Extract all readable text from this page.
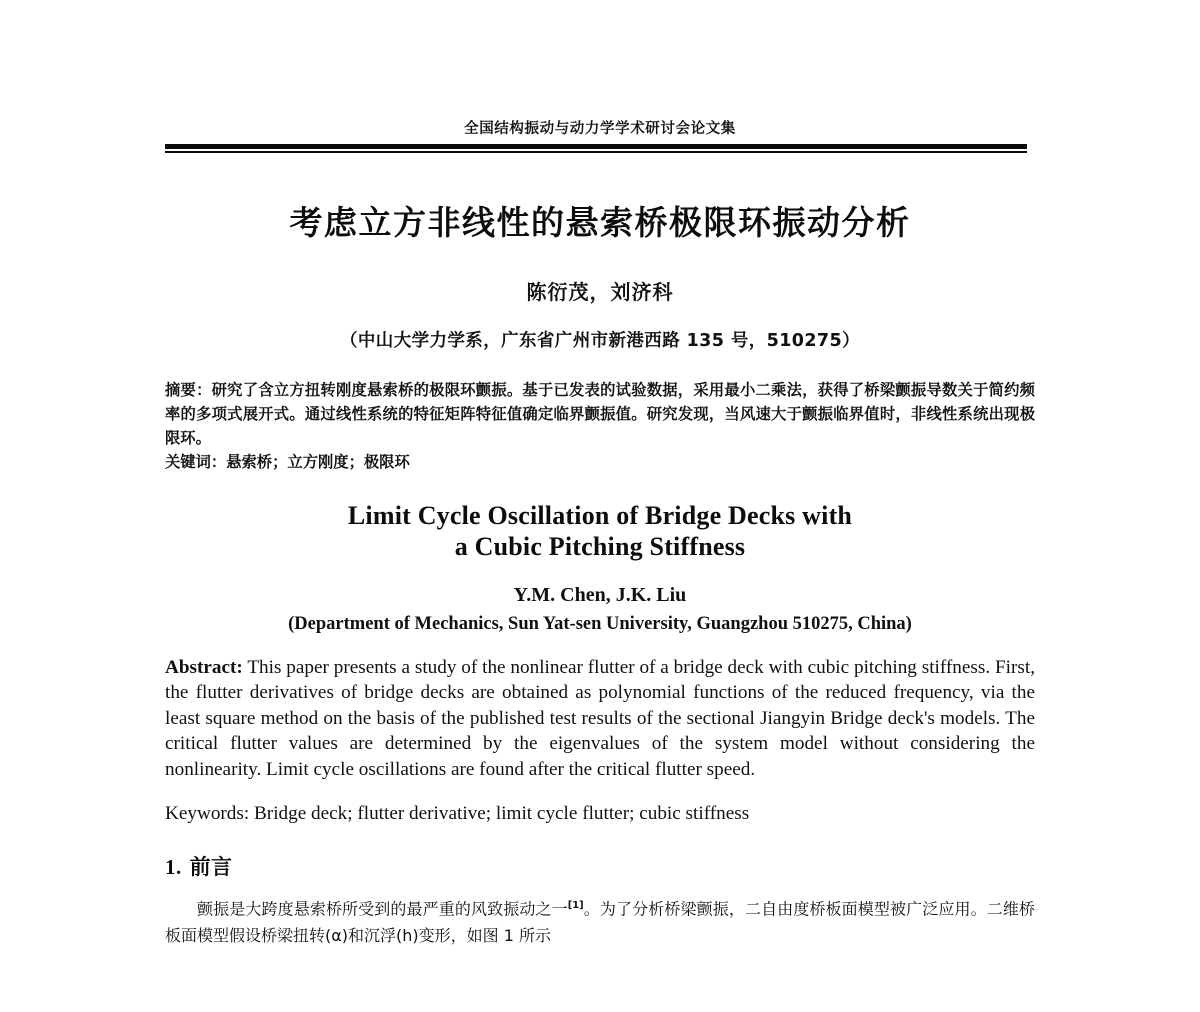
全国结构振动与动力学学术研讨会论文集
考虑立方非线性的悬索桥极限环振动分析
陈衍茂，刘济科
（中山大学力学系，广东省广州市新港西路 135 号，510275）
摘要：研究了含立方扭转刚度悬索桥的极限环颤振。基于已发表的试验数据，采用最小二乘法，获得了桥梁颤振导数关于简约频率的多项式展开式。通过线性系统的特征矩阵特征值确定临界颤振值。研究发现，当风速大于颤振临界值时，非线性系统出现极限环。
关键词：悬索桥；立方刚度；极限环
Limit Cycle Oscillation of Bridge Decks with
a Cubic Pitching Stiffness
Y.M. Chen, J.K. Liu
(Department of Mechanics, Sun Yat-sen University, Guangzhou 510275, China)
Abstract: This paper presents a study of the nonlinear flutter of a bridge deck with cubic pitching stiffness. First, the flutter derivatives of bridge decks are obtained as polynomial functions of the reduced frequency, via the least square method on the basis of the published test results of the sectional Jiangyin Bridge deck's models. The critical flutter values are determined by the eigenvalues of the system model without considering the nonlinearity. Limit cycle oscillations are found after the critical flutter speed.
Keywords: Bridge deck; flutter derivative; limit cycle flutter; cubic stiffness
1. 前言

颤振是大跨度悬索桥所受到的最严重的风致振动之一[1]。为了分析桥梁颤振，二自由度桥板面模型被广泛应用。二维桥板面模型假设桥梁扭转(α)和沉浮(h)变形，如图 1 所示
